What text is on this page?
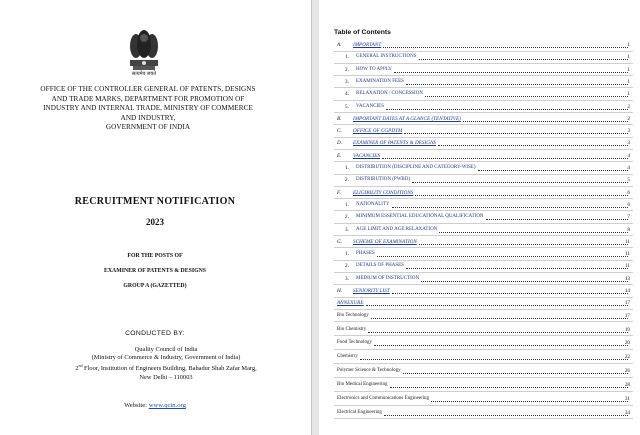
सत्यमेव जयते
OFFICE OF THE CONTROLLER GENERAL OF PATENTS, DESIGNS
AND TRADE MARKS, DEPARTMENT FOR PROMOTION OF
INDUSTRY AND INTERNAL TRADE, MINISTRY OF COMMERCE
AND INDUSTRY,
GOVERNMENT OF INDIA
RECRUITMENT NOTIFICATION
2023
FOR THE POSTS OF
EXAMINER OF PATENTS & DESIGNS
GROUP A (GAZETTED)
CONDUCTED BY:
Quality Council of India
(Ministry of Commerce & Industry, Government of India)
2nd Floor, Institution of Engineers Building, Bahadur Shah Zafar Marg,
New Delhi – 110003
Website: www.qcin.org
Table of Contents
A. IMPORTANT	1
1. GENERAL INSTRUCTIONS	1
2. HOW TO APPLY	1
3. EXAMINATION FEES	1
4. RELAXATION / CONCESSION	1
5. VACANCIES	2
B. IMPORTANT DATES AT A GLANCE (TENTATIVE)	2
C. OFFICE OF CGPDTM	3
D. EXAMINER OF PATENTS & DESIGNS	3
E. VACANCIES	4
1. DISTRIBUTION (DISCIPLINE AND CATEGORY-WISE)	4
2. DISTRIBUTION (PWBD)	5
F. ELIGIBILITY CONDITIONS	6
1. NATIONALITY	6
2. MINIMUM ESSENTIAL EDUCATIONAL QUALIFICATION	7
3. AGE LIMIT AND AGE RELAXATION	8
G. SCHEME OF EXAMINATION	11
1. PHASES	11
2. DETAILS OF PHASES	11
3. MEDIUM OF INSTRUCTION	13
H. SENIORITY LIST	14
ANNEXURE	17
Bio Technology	17
Bio Chemistry	19
Food Technology	20
Chemistry	22
Polymer Science & Technology	26
Bio Medical Engineering	28
Electronics and Communications Engineering	31
Electrical Engineering	34
